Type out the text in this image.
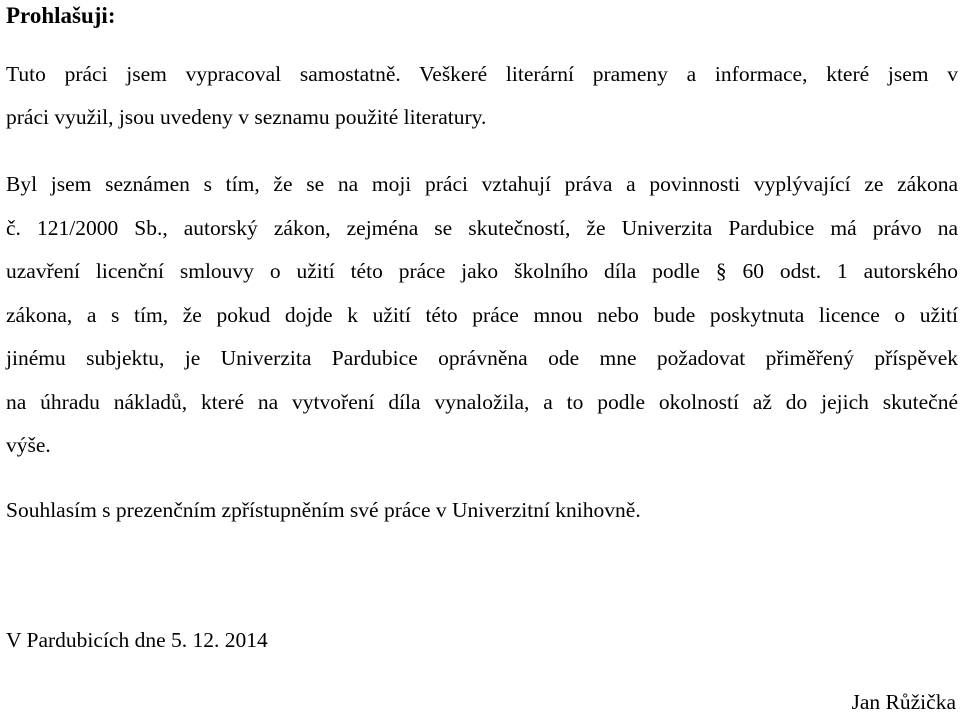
Prohlašuji:

Tuto práci jsem vypracoval samostatně. Veškeré literární prameny a informace, které jsem v
práci využil, jsou uvedeny v seznamu použité literatury.

Byl jsem seznámen s tím, že se na moji práci vztahují práva a povinnosti vyplývající ze zákona
č. 121/2000 Sb., autorský zákon, zejména se skutečností, že Univerzita Pardubice má právo na
uzavření licenční smlouvy o užití této práce jako školního díla podle § 60 odst. 1 autorského
zákona, a s tím, že pokud dojde k užití této práce mnou nebo bude poskytnuta licence o užití
jinému subjektu, je Univerzita Pardubice oprávněna ode mne požadovat přiměřený příspěvek
na úhradu nákladů, které na vytvoření díla vynaložila, a to podle okolností až do jejich skutečné
výše.

Souhlasím s prezenčním zpřístupněním své práce v Univerzitní knihovně.

V Pardubicích dne 5. 12. 2014

Jan Růžička
